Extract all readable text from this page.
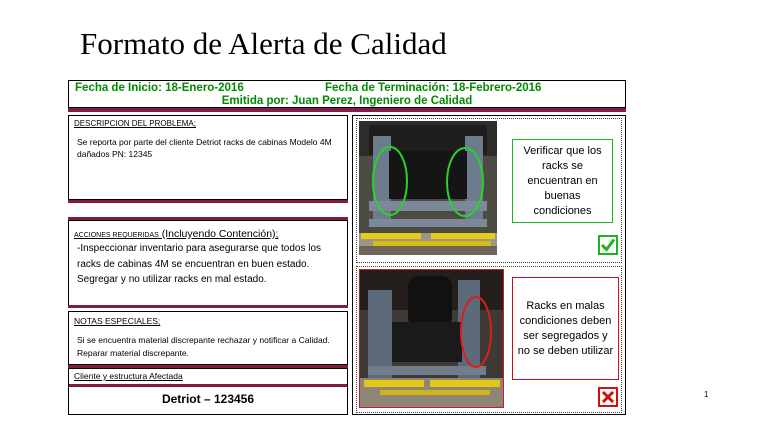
Formato de Alerta de Calidad
Fecha de Inicio: 18-Enero-2016	Fecha de Terminación: 18-Febrero-2016
Emitida por: Juan Perez, Ingeniero de Calidad
DESCRIPCION DEL PROBLEMA;
Se reporta por parte del cliente Detriot racks de cabinas Modelo 4M dañados PN: 12345
ACCIONES REQUERIDAS (Incluyendo Contención);
-Inspeccionar inventario para asegurarse que todos los racks de cabinas 4M se encuentran en buen estado. Segregar y no utilizar racks en mal estado.
NOTAS ESPECIALES;
Si se encuentra material discrepante rechazar y notificar a Calidad. Reparar material discrepante.
Cliente y estructura Afectada
Detriot – 123456
Verificar que los racks se encuentran en buenas condiciones
Racks en malas condiciones deben ser segregados y no se deben utilizar
1
